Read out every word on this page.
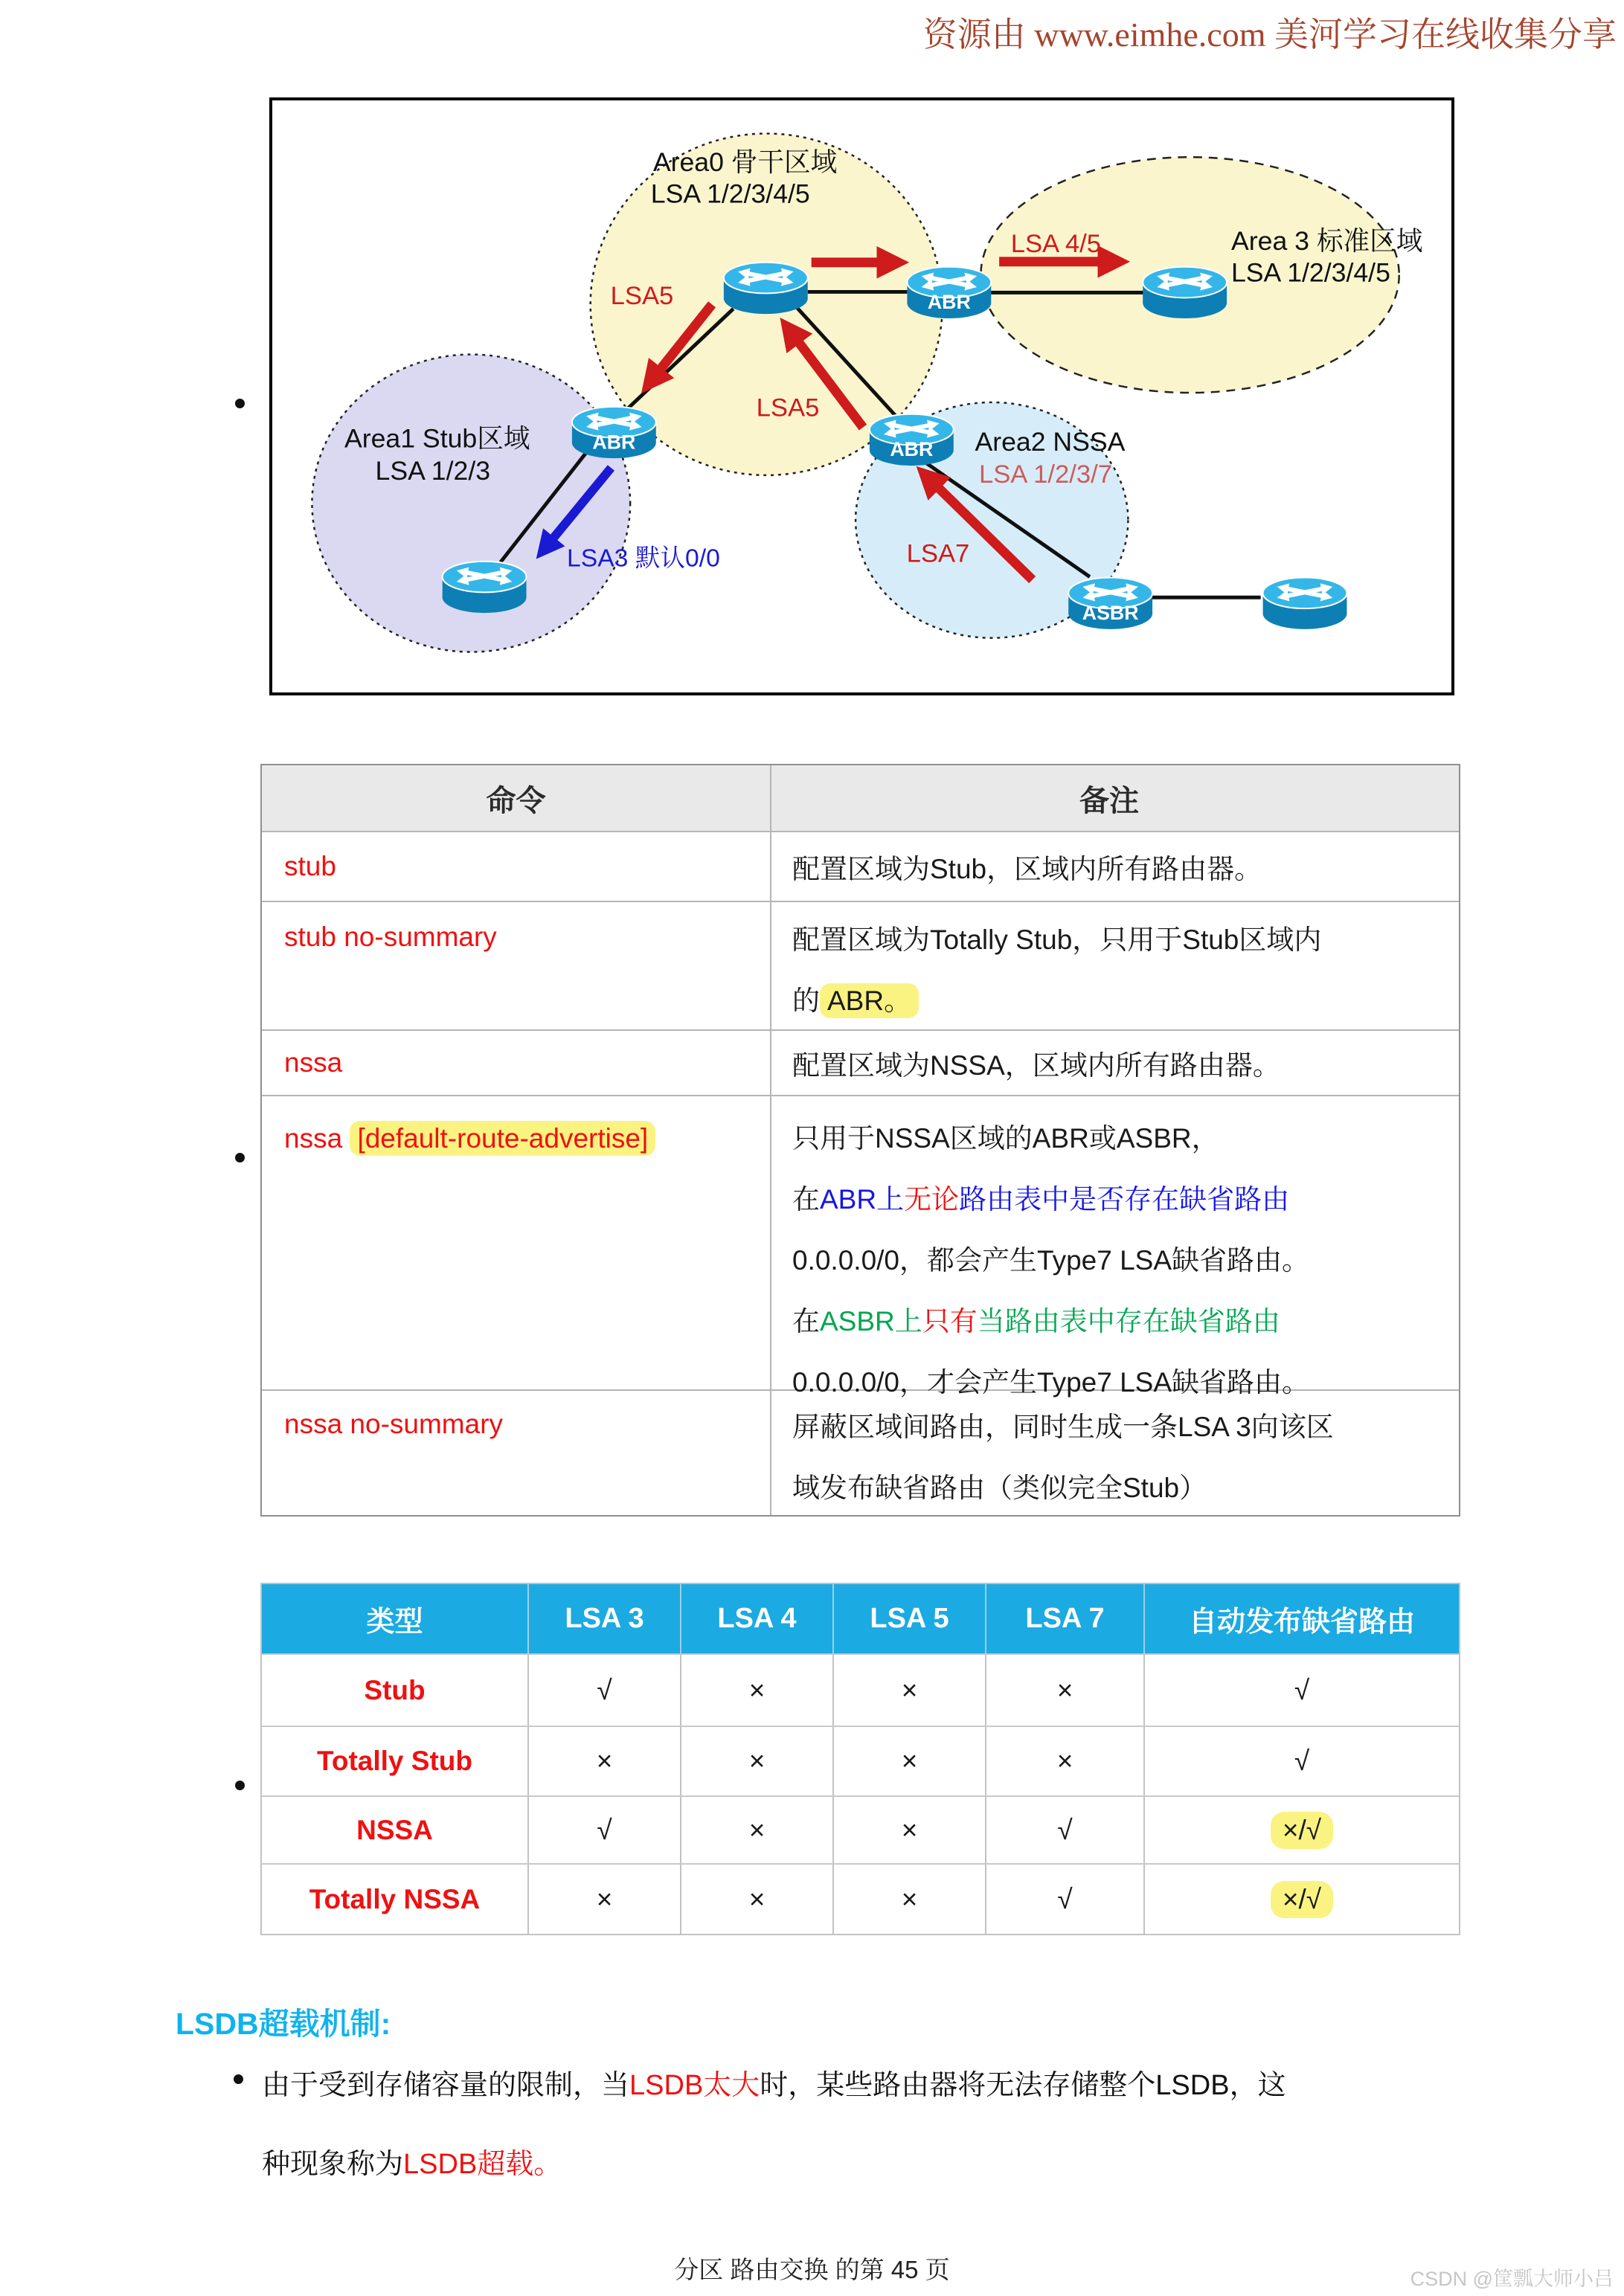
资源由 www.eimhe.com 美河学习在线收集分享
Area0 骨干区域
LSA 1/2/3/4/5
Area 3 标准区域
LSA 1/2/3/4/5
Area1 Stub区域
LSA 1/2/3
Area2 NSSA
LSA 1/2/3/7
ABR
ABR	ABR
ASBR
LSA 4/5
LSA5
LSA5
LSA7
LSA3 默认0/0
命令	备注
stub	配置区域为Stub，区域内所有路由器。
stub no-summary	配置区域为Totally Stub，只用于Stub区域内
的 ABR。
nssa	配置区域为NSSA，区域内所有路由器。
nssa [default-route-advertise]	只用于NSSA区域的ABR或ASBR，
在ABR上无论路由表中是否存在缺省路由
0.0.0.0/0，都会产生Type7 LSA缺省路由。
在ASBR上只有当路由表中存在缺省路由
0.0.0.0/0，才会产生Type7 LSA缺省路由。
nssa no-summary	屏蔽区域间路由，同时生成一条LSA 3向该区
域发布缺省路由（类似完全Stub）
类型	LSA 3	LSA 4	LSA 5	LSA 7	自动发布缺省路由
Stub	√	×	×	×	√
Totally Stub	×	×	×	×	√
NSSA	√	×	×	√	×/√
Totally NSSA	×	×	×	√	×/√
LSDB超载机制:
由于受到存储容量的限制，当LSDB太大时，某些路由器将无法存储整个LSDB，这
种现象称为LSDB超载。
分区 路由交换 的第 45 页	CSDN @筐瓢大师小吕
